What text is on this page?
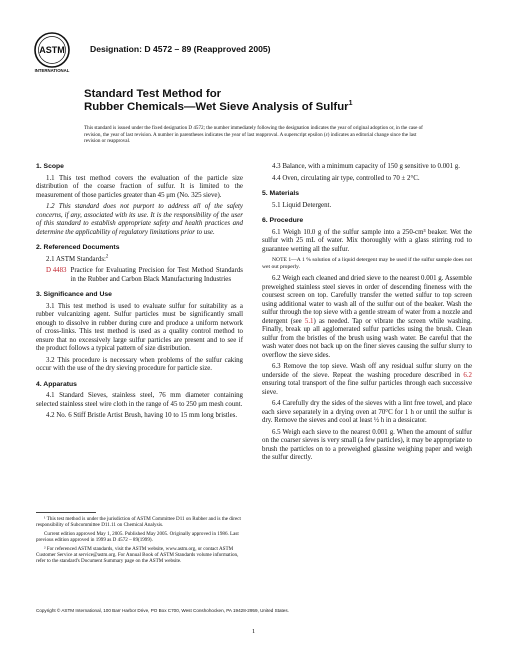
ASTM
INTERNATIONAL
Designation: D 4572 – 89 (Reapproved 2005)
Standard Test Method for
Rubber Chemicals—Wet Sieve Analysis of Sulfur$^1$
This standard is issued under the fixed designation D 4572; the number immediately following the designation indicates the year of original adoption or, in the case of revision, the year of last revision. A number in parentheses indicates the year of last reapproval. A superscript epsilon (ε) indicates an editorial change since the last revision or reapproval.
1. Scope

1.1 This test method covers the evaluation of the particle size distribution of the coarse fraction of sulfur. It is limited to the measurement of those particles greater than 45 μm (No. 325 sieve).

1.2 This standard does not purport to address all of the safety concerns, if any, associated with its use. It is the responsibility of the user of this standard to establish appropriate safety and health practices and determine the applicability of regulatory limitations prior to use.

2. Referenced Documents

2.1 ASTM Standards:$^2$

D 4483 Practice for Evaluating Precision for Test Method Standards in the Rubber and Carbon Black Manufacturing Industries
3. Significance and Use

3.1 This test method is used to evaluate sulfur for suitability as a rubber vulcanizing agent. Sulfur particles must be significantly small enough to dissolve in rubber during cure and produce a uniform network of cross-links. This test method is used as a quality control method to ensure that no excessively large sulfur particles are present and to see if the product follows a typical pattern of size distribution.

3.2 This procedure is necessary when problems of the sulfur caking occur with the use of the dry sieving procedure for particle size.

4. Apparatus

4.1 Standard Sieves, stainless steel, 76 mm diameter containing selected stainless steel wire cloth in the range of 45 to 250 μm mesh count.

4.2 No. 6 Stiff Bristle Artist Brush, having 10 to 15 mm long bristles.

4.3 Balance, with a minimum capacity of 150 g sensitive to 0.001 g.

4.4 Oven, circulating air type, controlled to 70 ± 2°C.

5. Materials

5.1 Liquid Detergent.

6. Procedure

6.1 Weigh 10.0 g of the sulfur sample into a 250-cm³ beaker. Wet the sulfur with 25 mL of water. Mix thoroughly with a glass stirring rod to guarantee wetting all the sulfur.

NOTE 1—A 1 % solution of a liquid detergent may be used if the sulfur sample does not wet out properly.

6.2 Weigh each cleaned and dried sieve to the nearest 0.001 g. Assemble preweighed stainless steel sieves in order of descending fineness with the coursest screen on top. Carefully transfer the wetted sulfur to top screen using additional water to wash all of the sulfur out of the beaker. Wash the sulfur through the top sieve with a gentle stream of water from a nozzle and detergent (see 5.1) as needed. Tap or vibrate the screen while washing. Finally, break up all agglomerated sulfur particles using the brush. Clean sulfur from the bristles of the brush using wash water. Be careful that the wash water does not back up on the finer sieves causing the sulfur slurry to overflow the sieve sides.

6.3 Remove the top sieve. Wash off any residual sulfur slurry on the underside of the sieve. Repeat the washing procedure described in 6.2 ensuring total transport of the fine sulfur particles through each successive sieve.

6.4 Carefully dry the sides of the sieves with a lint free towel, and place each sieve separately in a drying oven at 70°C for 1 h or until the sulfur is dry. Remove the sieves and cool at least ½ h in a dessicator.

6.5 Weigh each sieve to the nearest 0.001 g. When the amount of sulfur on the coarser sieves is very small (a few particles), it may be appropriate to brush the particles on to a preweighed glassine weighing paper and weigh the sulfur directly.

¹ This test method is under the jurisdiction of ASTM Committee D11 on Rubber and is the direct responsibility of Subcommittee D11.11 on Chemical Analysis.

Current edition approved May 1, 2005. Published May 2005. Originally approved in 1986. Last previous edition approved in 1999 as D 4572 – 89(1999).

² For referenced ASTM standards, visit the ASTM website, www.astm.org, or contact ASTM Customer Service at service@astm.org. For Annual Book of ASTM Standards volume information, refer to the standard's Document Summary page on the ASTM website.

Copyright © ASTM International, 100 Barr Harbor Drive, PO Box C700, West Conshohocken, PA 19428-2959, United States.
1
